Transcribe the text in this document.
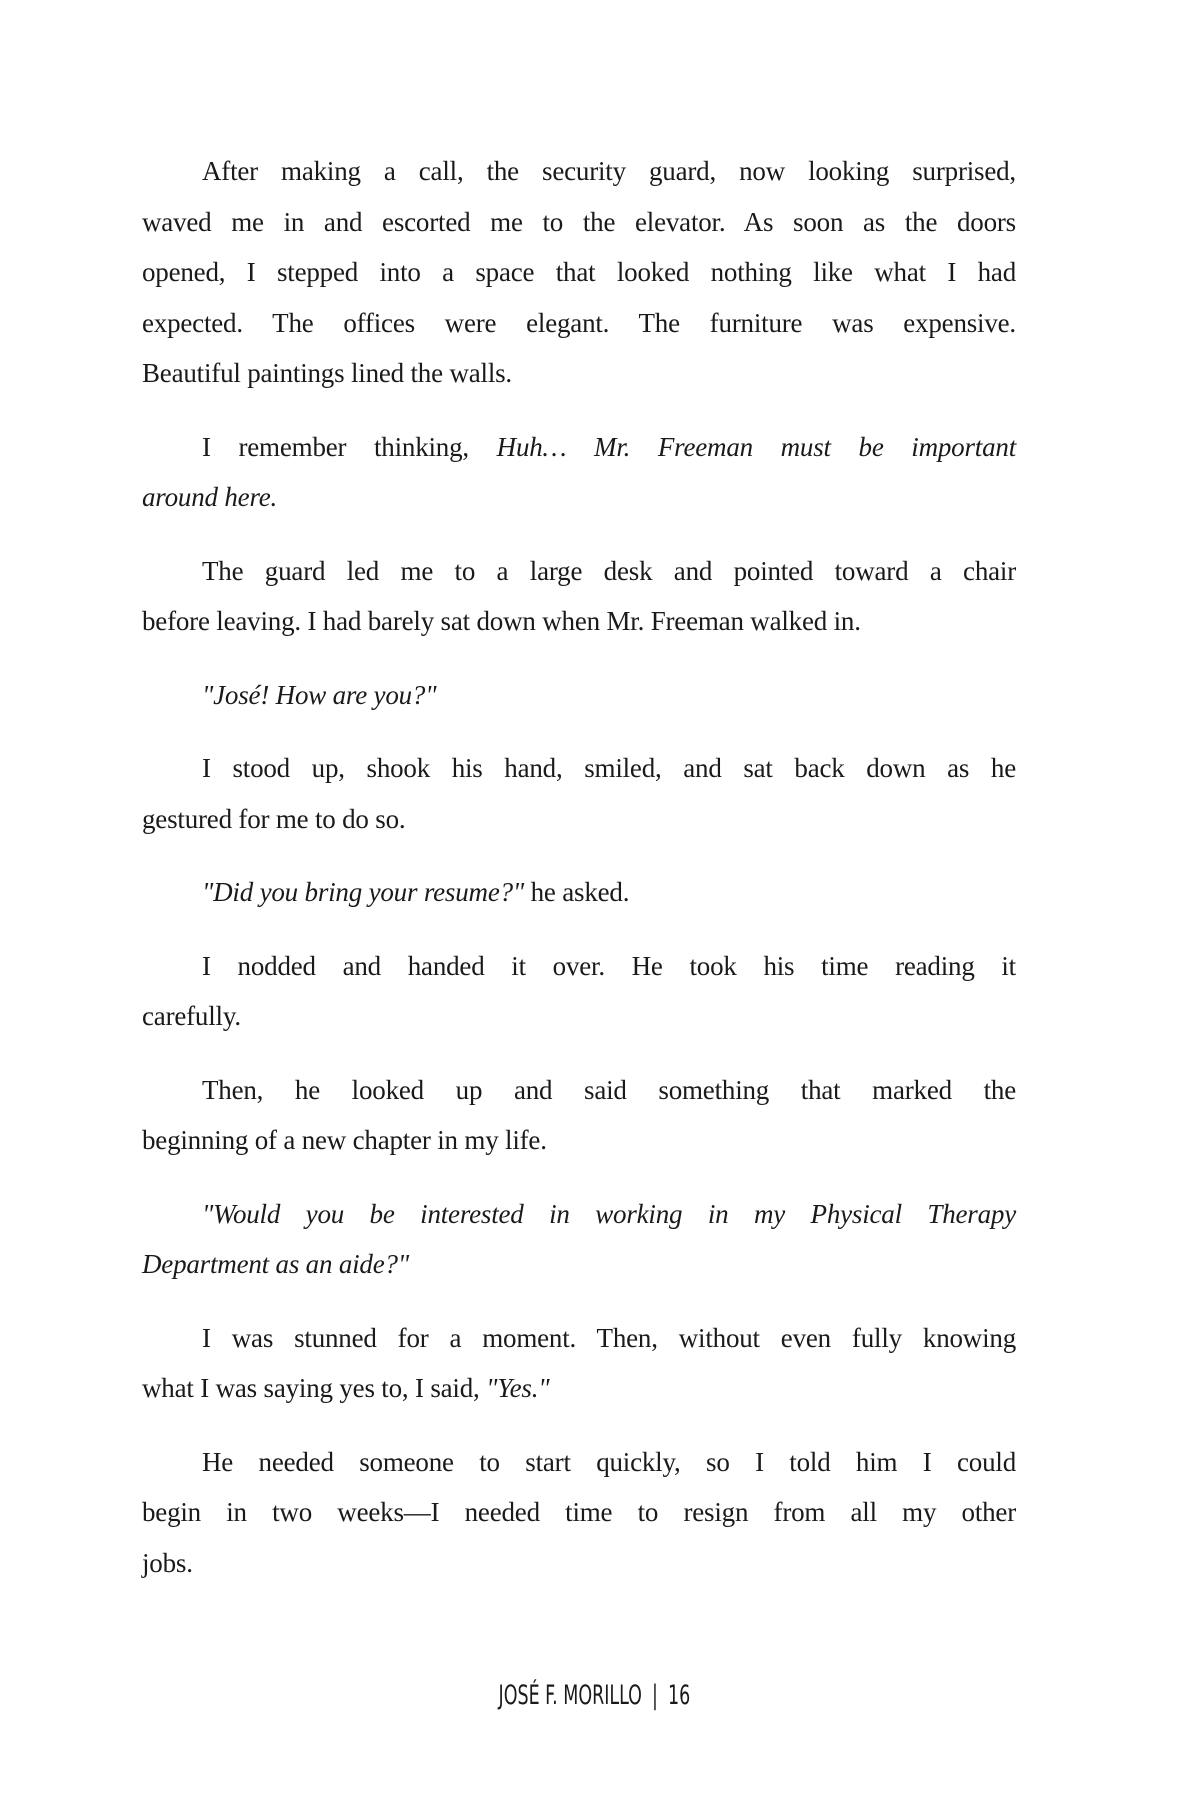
After making a call, the security guard, now looking surprised,
waved me in and escorted me to the elevator. As soon as the doors
opened, I stepped into a space that looked nothing like what I had
expected. The offices were elegant. The furniture was expensive.
Beautiful paintings lined the walls.
I remember thinking, Huh… Mr. Freeman must be important
around here.
The guard led me to a large desk and pointed toward a chair
before leaving. I had barely sat down when Mr. Freeman walked in.
"José! How are you?"
I stood up, shook his hand, smiled, and sat back down as he
gestured for me to do so.
"Did you bring your resume?" he asked.
I nodded and handed it over. He took his time reading it
carefully.
Then, he looked up and said something that marked the
beginning of a new chapter in my life.
"Would you be interested in working in my Physical Therapy
Department as an aide?"
I was stunned for a moment. Then, without even fully knowing
what I was saying yes to, I said, "Yes."
He needed someone to start quickly, so I told him I could
begin in two weeks—I needed time to resign from all my other
jobs.
JOSÉ F. MORILLO | 16
